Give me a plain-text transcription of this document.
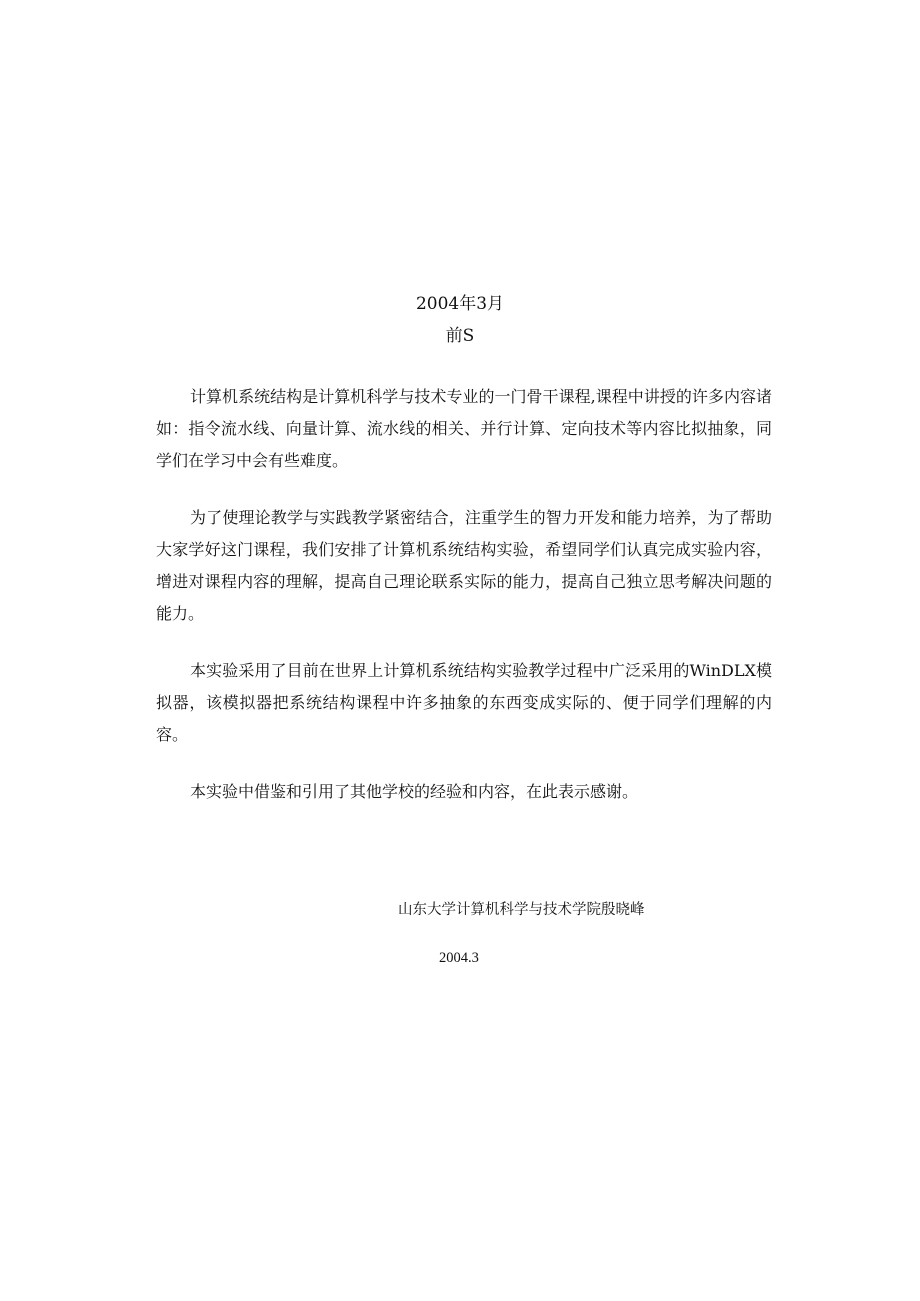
2004年3月
前S

计算机系统结构是计算机科学与技术专业的一门骨干课程,课程中讲授的许多内容诸如：指令流水线、向量计算、流水线的相关、并行计算、定向技术等内容比拟抽象，同学们在学习中会有些难度。

为了使理论教学与实践教学紧密结合，注重学生的智力开发和能力培养，为了帮助大家学好这门课程，我们安排了计算机系统结构实验，希望同学们认真完成实验内容，增进对课程内容的理解，提高自己理论联系实际的能力，提高自己独立思考解决问题的能力。

本实验采用了目前在世界上计算机系统结构实验教学过程中广泛采用的WinDLX模拟器，该模拟器把系统结构课程中许多抽象的东西变成实际的、便于同学们理解的内容。

本实验中借鉴和引用了其他学校的经验和内容，在此表示感谢。

山东大学计算机科学与技术学院殷晓峰
2004.3
